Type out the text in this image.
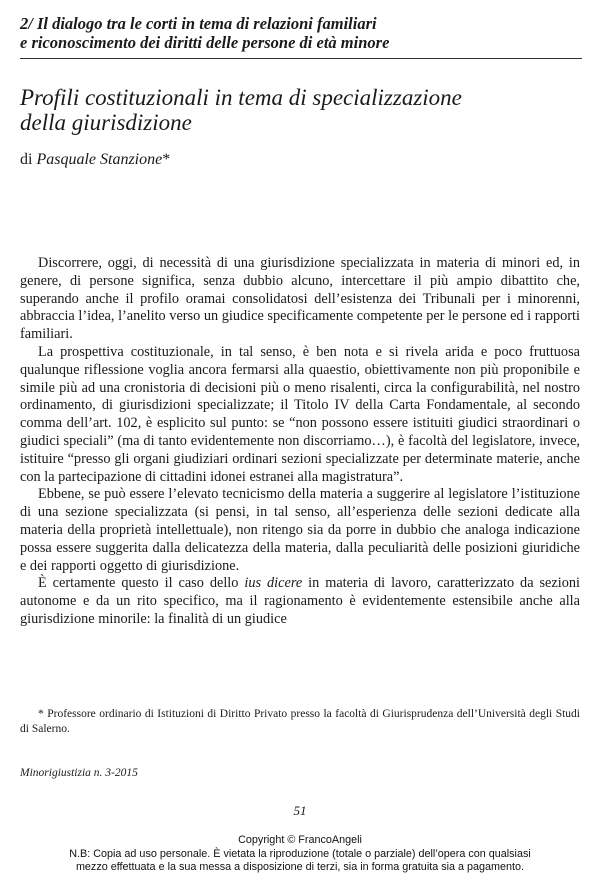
2/ Il dialogo tra le corti in tema di relazioni familiari
e riconoscimento dei diritti delle persone di età minore
Profili costituzionali in tema di specializzazione
della giurisdizione
di Pasquale Stanzione*

Discorrere, oggi, di necessità di una giurisdizione specializzata in materia di minori ed, in genere, di persone significa, senza dubbio alcuno, intercettare il più ampio dibattito che, superando anche il profilo oramai consolidatosi dell’esistenza dei Tribunali per i minorenni, abbraccia l’idea, l’anelito verso un giudice specificamente competente per le persone ed i rapporti familiari.

La prospettiva costituzionale, in tal senso, è ben nota e si rivela arida e poco fruttuosa qualunque riflessione voglia ancora fermarsi alla quaestio, obiettivamente non più proponibile e simile più ad una cronistoria di decisioni più o meno risalenti, circa la configurabilità, nel nostro ordinamento, di giurisdizioni specializzate; il Titolo IV della Carta Fondamentale, al secondo comma dell’art. 102, è esplicito sul punto: se “non possono essere istituiti giudici straordinari o giudici speciali” (ma di tanto evidentemente non discorriamo…), è facoltà del legislatore, invece, istituire “presso gli organi giudiziari ordinari sezioni specializzate per determinate materie, anche con la partecipazione di cittadini idonei estranei alla magistratura”.

Ebbene, se può essere l’elevato tecnicismo della materia a suggerire al legislatore l’istituzione di una sezione specializzata (si pensi, in tal senso, all’esperienza delle sezioni dedicate alla materia della proprietà intellettuale), non ritengo sia da porre in dubbio che analoga indicazione possa essere suggerita dalla delicatezza della materia, dalla peculiarità delle posizioni giuridiche e dei rapporti oggetto di giurisdizione.

È certamente questo il caso dello ius dicere in materia di lavoro, caratterizzato da sezioni autonome e da un rito specifico, ma il ragionamento è evidentemente estensibile anche alla giurisdizione minorile: la finalità di un giudice

* Professore ordinario di Istituzioni di Diritto Privato presso la facoltà di Giurisprudenza dell’Università degli Studi di Salerno.
Minorigiustizia n. 3-2015
51
Copyright © FrancoAngeli
N.B: Copia ad uso personale. È vietata la riproduzione (totale o parziale) dell’opera con qualsiasi
mezzo effettuata e la sua messa a disposizione di terzi, sia in forma gratuita sia a pagamento.
